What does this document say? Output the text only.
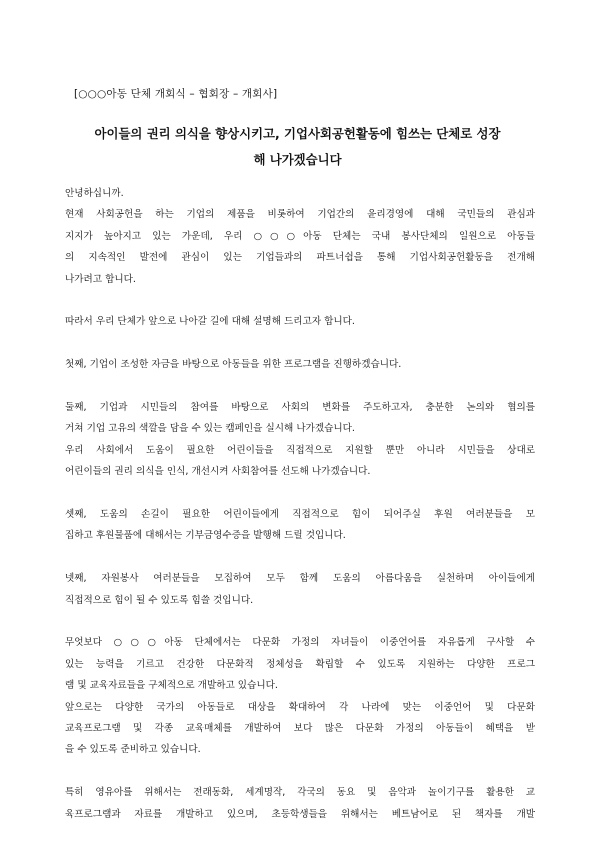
[○○○아동 단체 개회식 – 협회장 – 개회사]
아이들의 권리 의식을 향상시키고, 기업사회공헌활동에 힘쓰는 단체로 성장
해 나가겠습니다
안녕하십니까.
현재 사회공헌을 하는 기업의 제품을 비롯하여 기업간의 윤리경영에 대해 국민들의 관심과
지지가 높아지고 있는 가운데, 우리 ○○○아동 단체는 국내 봉사단체의 일원으로 아동들
의 지속적인 발전에 관심이 있는 기업들과의 파트너쉽을 통해 기업사회공헌활동을 전개해
나가려고 합니다.
따라서 우리 단체가 앞으로 나아갈 길에 대해 설명해 드리고자 합니다.
첫째, 기업이 조성한 자금을 바탕으로 아동들을 위한 프로그램을 진행하겠습니다.
둘째, 기업과 시민들의 참여를 바탕으로 사회의 변화를 주도하고자, 충분한 논의와 협의를
거쳐 기업 고유의 색깔을 담을 수 있는 캠페인을 실시해 나가겠습니다.
우리 사회에서 도움이 필요한 어린이들을 직접적으로 지원할 뿐만 아니라 시민들을 상대로
어린이들의 권리 의식을 인식, 개선시켜 사회참여를 선도해 나가겠습니다.
셋째, 도움의 손길이 필요한 어린이들에게 직접적으로 힘이 되어주실 후원 여러분들을 모
집하고 후원물품에 대해서는 기부금영수증을 발행해 드릴 것입니다.
넷째, 자원봉사 여러분들을 모집하여 모두 함께 도움의 아름다움을 실천하며 아이들에게
직접적으로 힘이 될 수 있도록 힘쓸 것입니다.
무엇보다 ○○○아동 단체에서는 다문화 가정의 자녀들이 이중언어를 자유롭게 구사할 수
있는 능력을 기르고 건강한 다문화적 정체성을 확립할 수 있도록 지원하는 다양한 프로그
램 및 교육자료들을 구체적으로 개발하고 있습니다.
앞으로는 다양한 국가의 아동들로 대상을 확대하여 각 나라에 맞는 이중언어 및 다문화
교육프로그램 및 각종 교육매체를 개발하여 보다 많은 다문화 가정의 아동들이 혜택을 받
을 수 있도록 준비하고 있습니다.
특히 영유아를 위해서는 전래동화, 세계명작, 각국의 동요 및 음악과 놀이기구를 활용한 교
육프로그램과 자료를 개발하고 있으며, 초등학생들을 위해서는 베트남어로 된 책자를 개발
